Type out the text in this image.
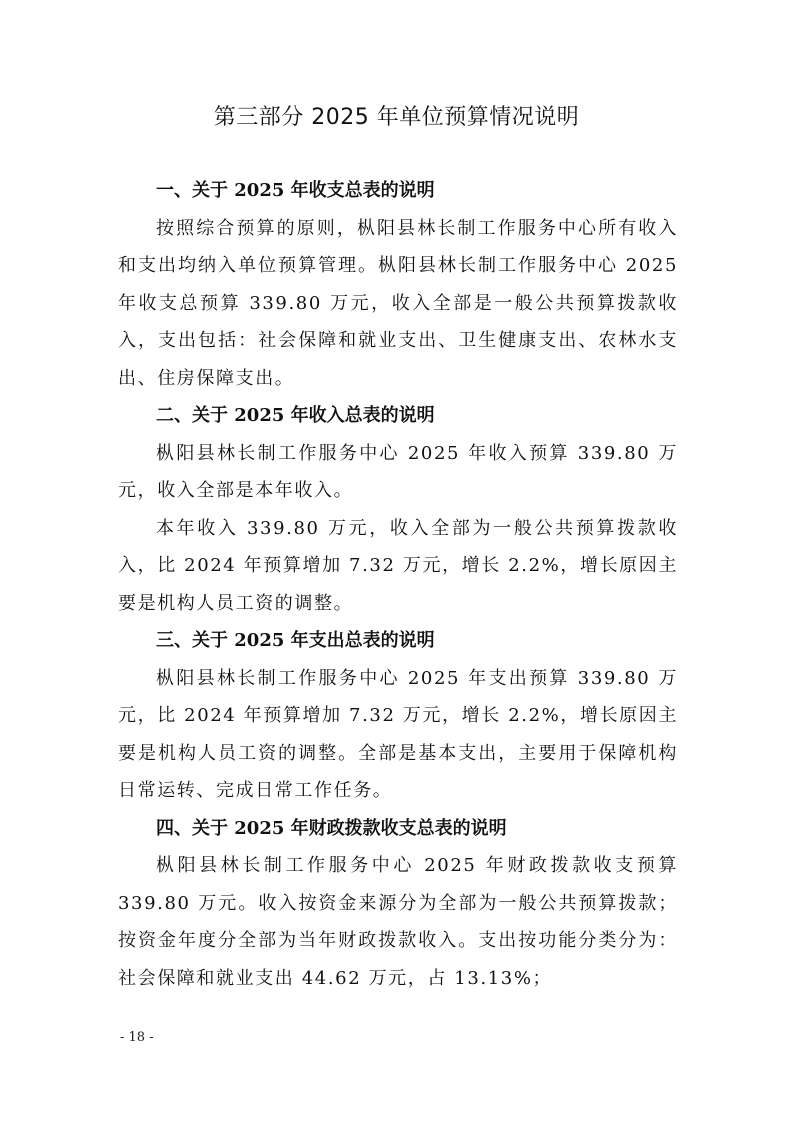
第三部分 2025 年单位预算情况说明
一、关于 2025 年收支总表的说明

按照综合预算的原则，枞阳县林长制工作服务中心所有收入和支出均纳入单位预算管理。枞阳县林长制工作服务中心 2025 年收支总预算 339.80 万元，收入全部是一般公共预算拨款收入，支出包括：社会保障和就业支出、卫生健康支出、农林水支出、住房保障支出。

二、关于 2025 年收入总表的说明

枞阳县林长制工作服务中心 2025 年收入预算 339.80 万元，收入全部是本年收入。

本年收入 339.80 万元，收入全部为一般公共预算拨款收入，比 2024 年预算增加 7.32 万元，增长 2.2%，增长原因主要是机构人员工资的调整。

三、关于 2025 年支出总表的说明

枞阳县林长制工作服务中心 2025 年支出预算 339.80 万元，比 2024 年预算增加 7.32 万元，增长 2.2%，增长原因主要是机构人员工资的调整。全部是基本支出，主要用于保障机构日常运转、完成日常工作任务。

四、关于 2025 年财政拨款收支总表的说明

枞阳县林长制工作服务中心 2025 年财政拨款收支预算 339.80 万元。收入按资金来源分为全部为一般公共预算拨款；按资金年度分全部为当年财政拨款收入。支出按功能分类分为：社会保障和就业支出 44.62 万元，占 13.13%；

- 18 -
